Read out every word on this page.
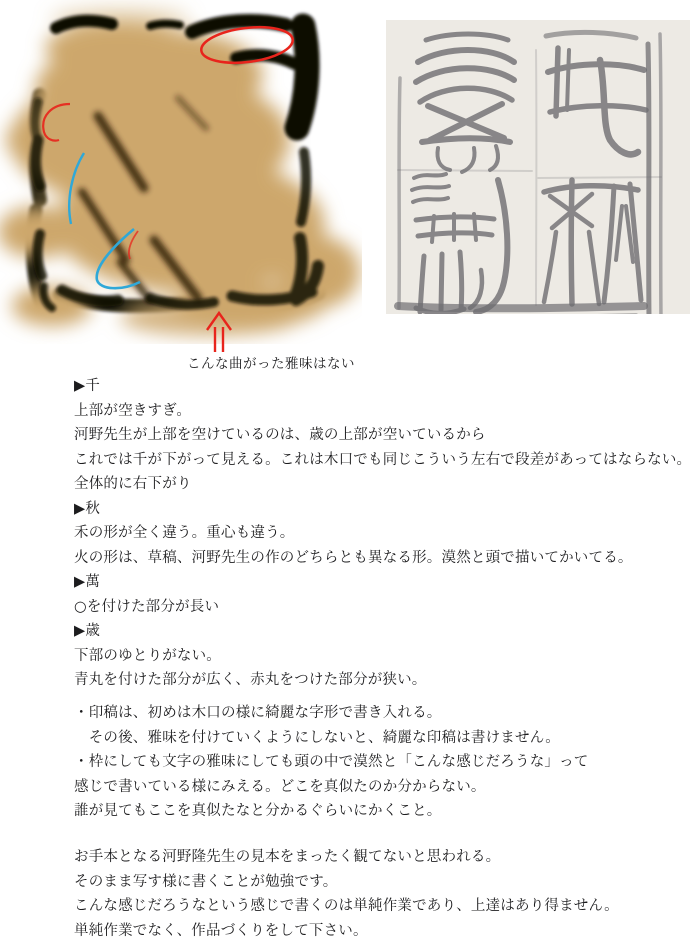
こんな曲がった雅味はない
▶千
上部が空きすぎ。
河野先生が上部を空けているのは、歳の上部が空いているから
これでは千が下がって見える。これは木口でも同じこういう左右で段差があってはならない。
全体的に右下がり
▶秋
禾の形が全く違う。重心も違う。
火の形は、草稿、河野先生の作のどちらとも異なる形。漠然と頭で描いてかいてる。
▶萬
○を付けた部分が長い
▶歳
下部のゆとりがない。
青丸を付けた部分が広く、赤丸をつけた部分が狭い。
・印稿は、初めは木口の様に綺麗な字形で書き入れる。
　その後、雅味を付けていくようにしないと、綺麗な印稿は書けません。
・枠にしても文字の雅味にしても頭の中で漠然と「こんな感じだろうな」って
感じで書いている様にみえる。どこを真似たのか分からない。
誰が見てもここを真似たなと分かるぐらいにかくこと。
お手本となる河野隆先生の見本をまったく観てないと思われる。
そのまま写す様に書くことが勉強です。
こんな感じだろうなという感じで書くのは単純作業であり、上達はあり得ません。
単純作業でなく、作品づくりをして下さい。
